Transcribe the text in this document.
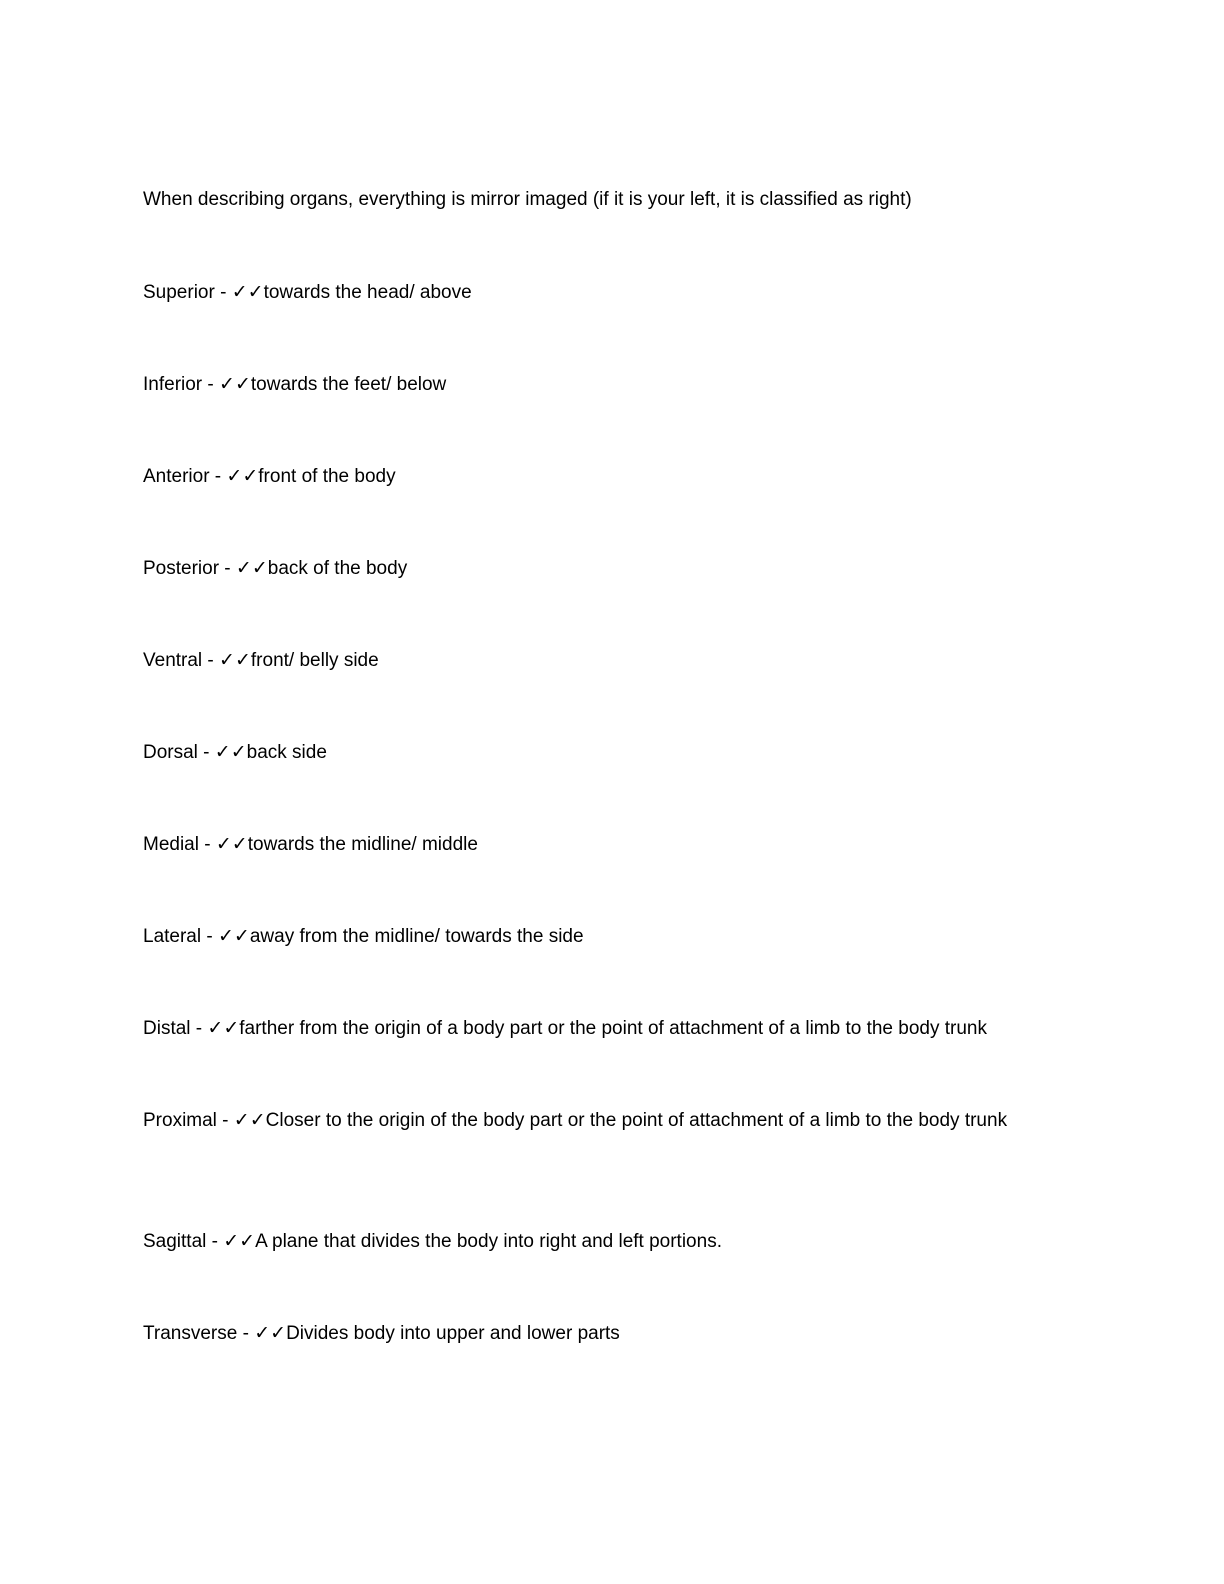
When describing organs, everything is mirror imaged (if it is your left, it is classified as right)
Superior - ✓✓towards the head/ above
Inferior - ✓✓towards the feet/ below
Anterior - ✓✓front of the body
Posterior - ✓✓back of the body
Ventral - ✓✓front/ belly side
Dorsal - ✓✓back side
Medial - ✓✓towards the midline/ middle
Lateral - ✓✓away from the midline/ towards the side
Distal - ✓✓farther from the origin of a body part or the point of attachment of a limb to the body trunk
Proximal - ✓✓Closer to the origin of the body part or the point of attachment of a limb to the body trunk
Sagittal - ✓✓A plane that divides the body into right and left portions.
Transverse - ✓✓Divides body into upper and lower parts
